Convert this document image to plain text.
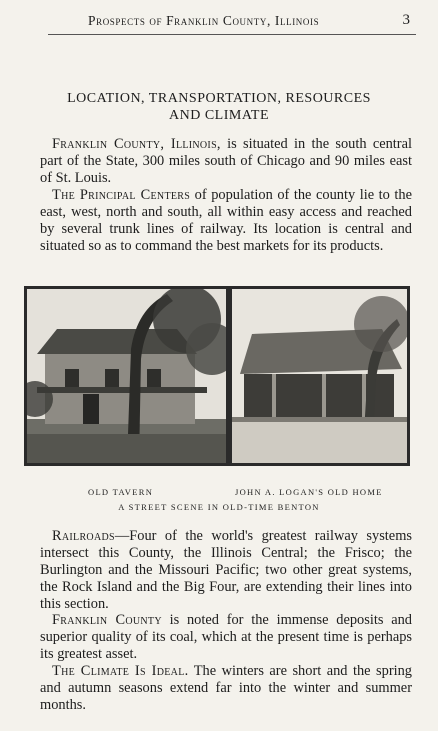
Prospects of Franklin County, Illinois	3
LOCATION, TRANSPORTATION, RESOURCES
AND CLIMATE

Franklin County, Illinois, is situated in the south central part of the State, 300 miles south of Chicago and 90 miles east of St. Louis.

The Principal Centers of population of the county lie to the east, west, north and south, all within easy access and reached by several trunk lines of railway. Its location is central and situated so as to command the best markets for its products.

OLD TAVERN	JOHN A. LOGAN'S OLD HOME
A STREET SCENE IN OLD-TIME BENTON

Railroads—Four of the world's greatest railway systems intersect this County, the Illinois Central; the Frisco; the Burlington and the Missouri Pacific; two other great systems, the Rock Island and the Big Four, are extending their lines into this section.

Franklin County is noted for the immense deposits and superior quality of its coal, which at the present time is perhaps its greatest asset.

The Climate Is Ideal. The winters are short and the spring and autumn seasons extend far into the winter and summer months.
